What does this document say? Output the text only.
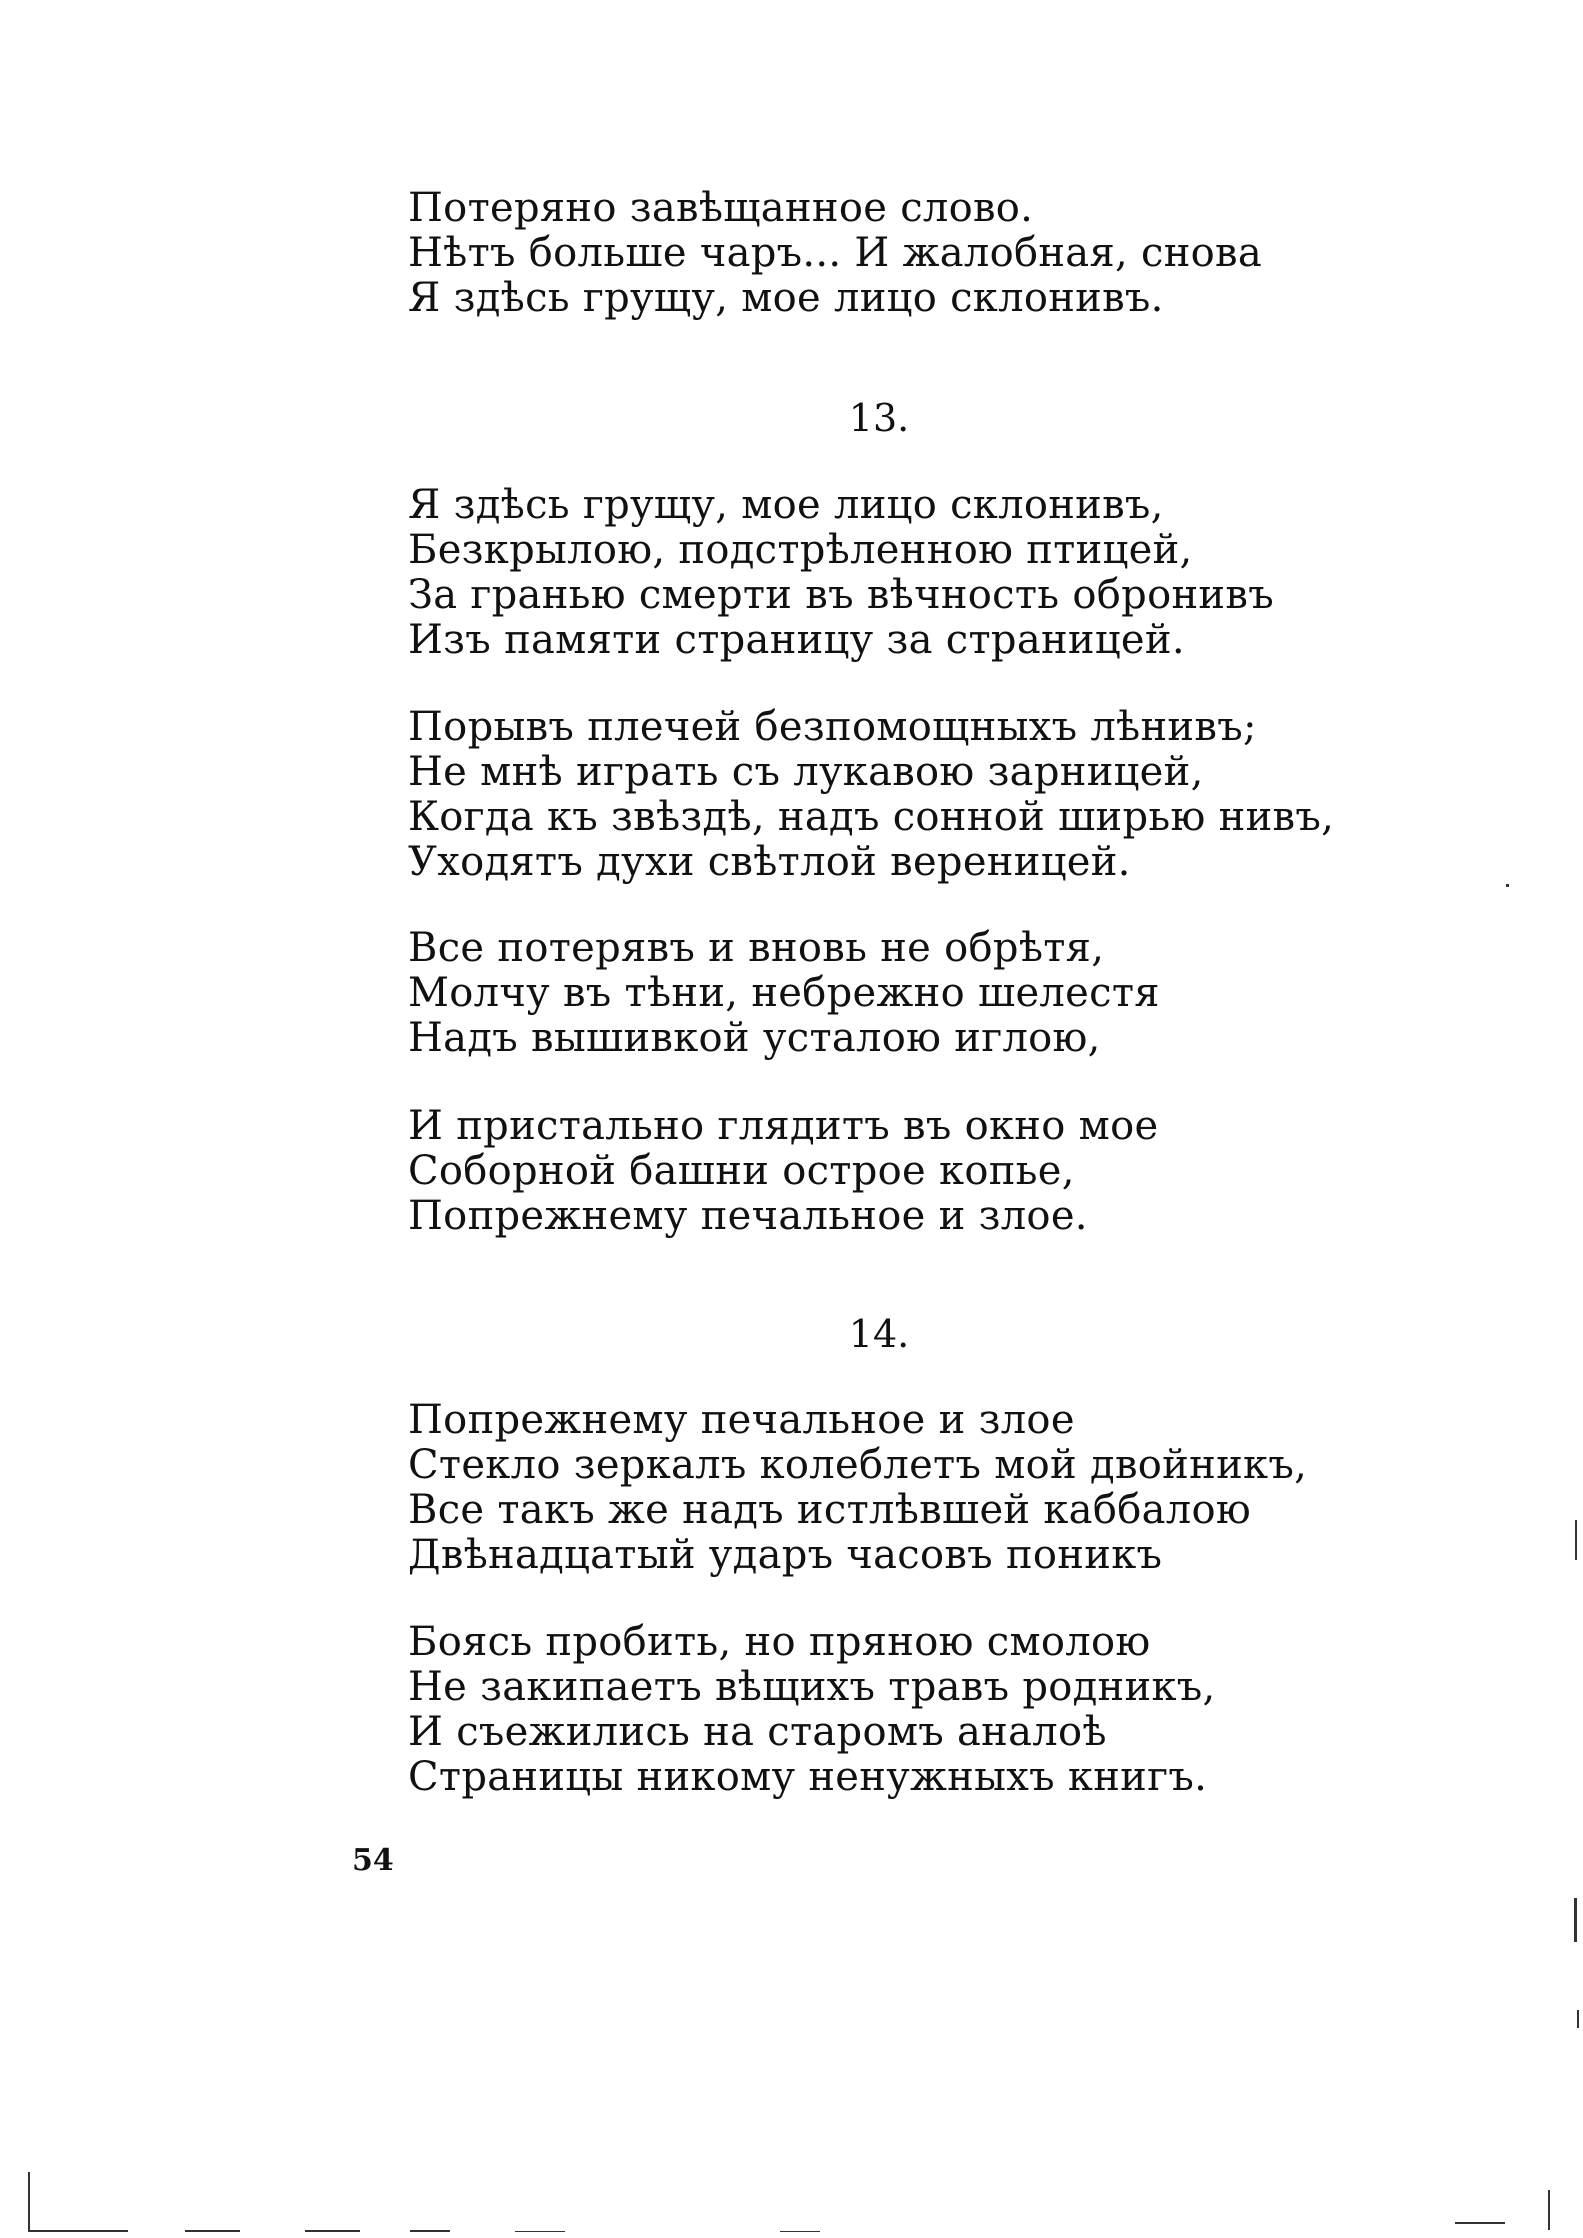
Потеряно завѣщанное слово.
Нѣтъ больше чаръ... И жалобная, снова
Я здѣсь грущу, мое лицо склонивъ.
13.
Я здѣсь грущу, мое лицо склонивъ,
Безкрылою, подстрѣленною птицей,
За гранью смерти въ вѣчность обронивъ
Изъ памяти страницу за страницей.
Порывъ плечей безпомощныхъ лѣнивъ;
Не мнѣ играть съ лукавою зарницей,
Когда къ звѣздѣ, надъ сонной ширью нивъ,
Уходятъ духи свѣтлой вереницей.
Все потерявъ и вновь не обрѣтя,
Молчу въ тѣни, небрежно шелестя
Надъ вышивкой усталою иглою,
И пристально глядитъ въ окно мое
Соборной башни острое копье,
Попрежнему печальное и злое.
14.
Попрежнему печальное и злое
Стекло зеркалъ колеблетъ мой двойникъ,
Все такъ же надъ истлѣвшей каббалою
Двѣнадцатый ударъ часовъ поникъ
Боясь пробить, но пряною смолою
Не закипаетъ вѣщихъ травъ родникъ,
И съежились на старомъ аналоѣ
Страницы никому ненужныхъ книгъ.
54
